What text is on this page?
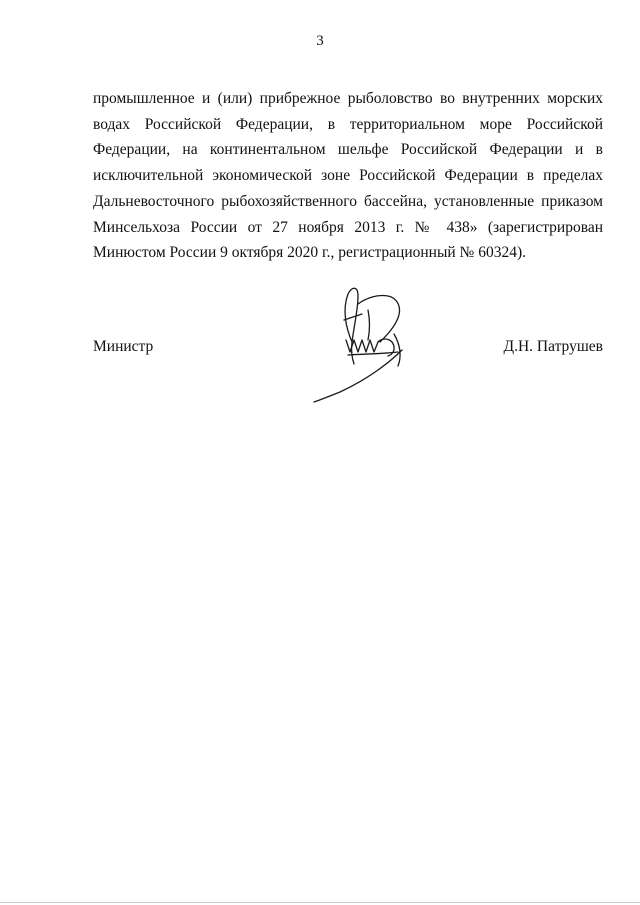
3

промышленное и (или) прибрежное рыболовство во внутренних морских водах Российской Федерации, в территориальном море Российской Федерации, на континентальном шельфе Российской Федерации и в исключительной экономической зоне Российской Федерации в пределах Дальневосточного рыбохозяйственного бассейна, установленные приказом Минсельхоза России от 27 ноября 2013 г. № 438» (зарегистрирован Минюстом России 9 октября 2020 г., регистрационный № 60324).

Министр	Д.Н. Патрушев
